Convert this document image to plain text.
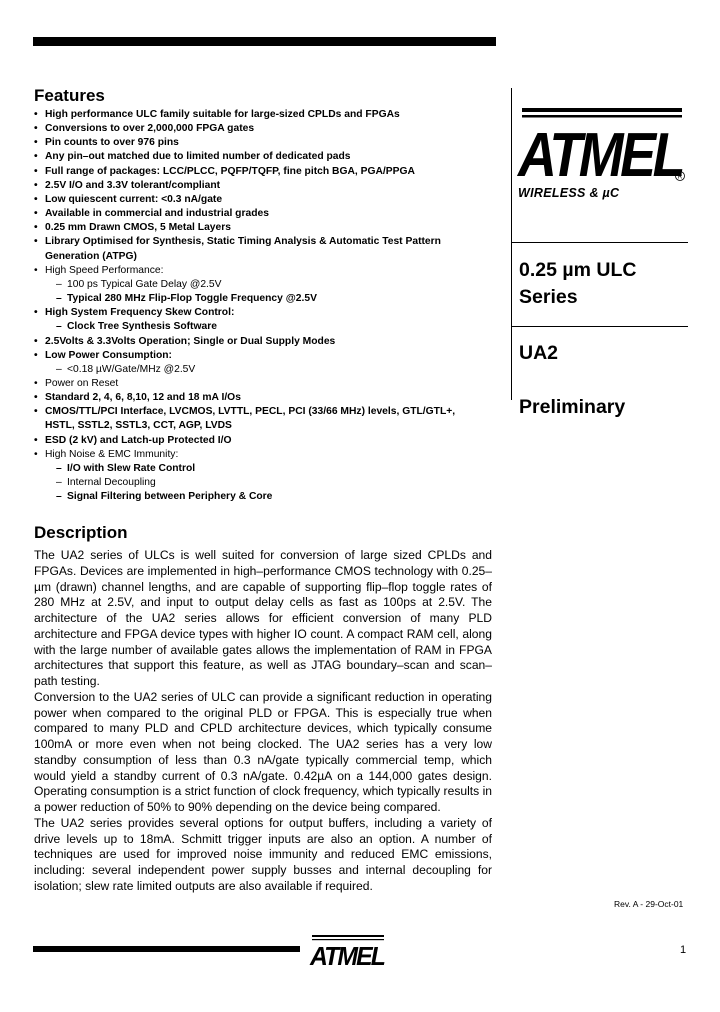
ATMEL
R
WIRELESS & µC
0.25 µm ULC
Series
UA2
Preliminary
Features
• High performance ULC family suitable for large-sized CPLDs and FPGAs
• Conversions to over 2,000,000 FPGA gates
• Pin counts to over 976 pins
• Any pin–out matched due to limited number of dedicated pads
• Full range of packages: LCC/PLCC, PQFP/TQFP, fine pitch BGA, PGA/PPGA
• 2.5V I/O and 3.3V tolerant/compliant
• Low quiescent current: <0.3 nA/gate
• Available in commercial and industrial grades
• 0.25 mm Drawn CMOS, 5 Metal Layers
• Library Optimised for Synthesis, Static Timing Analysis & Automatic Test Pattern
Generation (ATPG)
• High Speed Performance:
– 100 ps Typical Gate Delay @2.5V
– Typical 280 MHz Flip-Flop Toggle Frequency @2.5V
• High System Frequency Skew Control:
– Clock Tree Synthesis Software
• 2.5Volts & 3.3Volts Operation; Single or Dual Supply Modes
• Low Power Consumption:
– <0.18 µW/Gate/MHz @2.5V
• Power on Reset
• Standard 2, 4, 6, 8,10, 12 and 18 mA I/Os
• CMOS/TTL/PCI Interface, LVCMOS, LVTTL, PECL, PCI (33/66 MHz) levels, GTL/GTL+,
HSTL, SSTL2, SSTL3, CCT, AGP, LVDS
• ESD (2 kV) and Latch-up Protected I/O
• High Noise & EMC Immunity:
– I/O with Slew Rate Control
– Internal Decoupling
– Signal Filtering between Periphery & Core
Description

The UA2 series of ULCs is well suited for conversion of large sized CPLDs and FPGAs. Devices are implemented in high–performance CMOS technology with 0.25–µm (drawn) channel lengths, and are capable of supporting flip–flop toggle rates of 280 MHz at 2.5V, and input to output delay cells as fast as 100ps at 2.5V. The architecture of the UA2 series allows for efficient conversion of many PLD architecture and FPGA device types with higher IO count. A compact RAM cell, along with the large number of available gates allows the implementation of RAM in FPGA architectures that support this feature, as well as JTAG boundary–scan and scan–path testing.

Conversion to the UA2 series of ULC can provide a significant reduction in operating power when compared to the original PLD or FPGA. This is especially true when compared to many PLD and CPLD architecture devices, which typically consume 100mA or more even when not being clocked. The UA2 series has a very low standby consumption of less than 0.3 nA/gate typically commercial temp, which would yield a standby current of 0.3 nA/gate. 0.42µA on a 144,000 gates design. Operating consumption is a strict function of clock frequency, which typically results in a power reduction of 50% to 90% depending on the device being compared.

The UA2 series provides several options for output buffers, including a variety of drive levels up to 18mA. Schmitt trigger inputs are also an option. A number of techniques are used for improved noise immunity and reduced EMC emissions, including: several independent power supply busses and internal decoupling for isolation; slew rate limited outputs are also available if required.

Rev. A - 29-Oct-01
ATMEL	1
